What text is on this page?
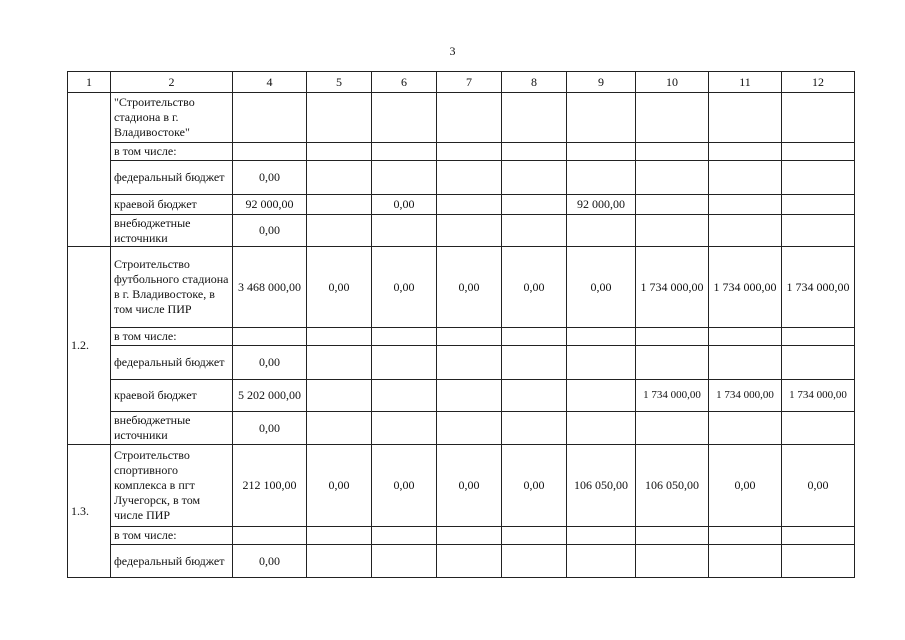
3
1	2	4	5	6	7	8	9	10	11	12
	"Строительство стадиона в г. Владивостоке"									
	в том числе:									
	федеральный бюджет	0,00								
	краевой бюджет	92 000,00		0,00			92 000,00			
	внебюджетные источники	0,00								
1.2.	Строительство футбольного стадиона в г. Владивостоке, в том числе ПИР	3 468 000,00	0,00	0,00	0,00	0,00	0,00	1 734 000,00	1 734 000,00	1 734 000,00
	в том числе:									
	федеральный бюджет	0,00								
	краевой бюджет	5 202 000,00						1 734 000,00	1 734 000,00	1 734 000,00
	внебюджетные источники	0,00								
1.3.	Строительство спортивного комплекса в пгт Лучегорск, в том числе ПИР	212 100,00	0,00	0,00	0,00	0,00	106 050,00	106 050,00	0,00	0,00
	в том числе:									
	федеральный бюджет	0,00								
